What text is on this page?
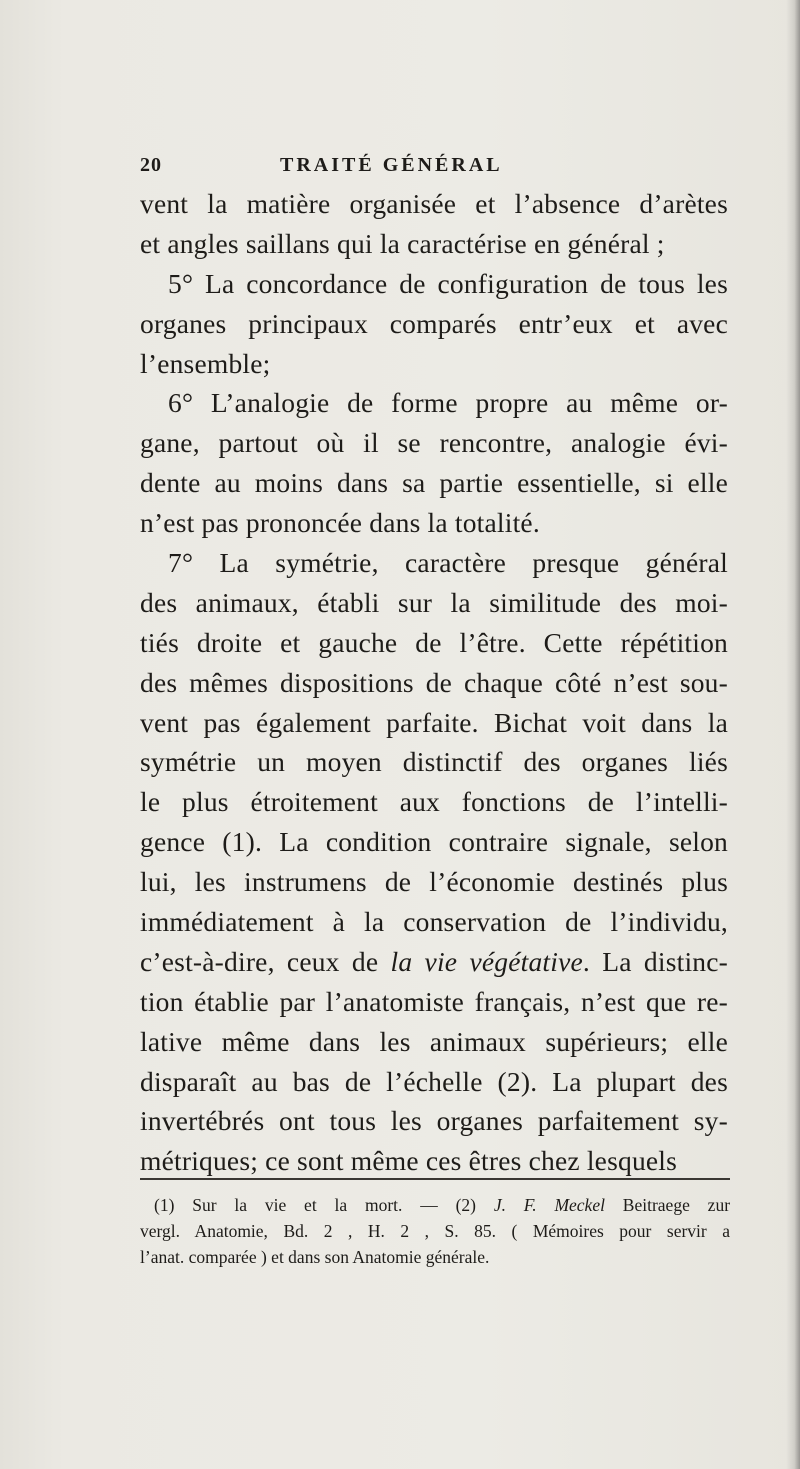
20	TRAITÉ GÉNÉRAL
vent la matière organisée et l’absence d’arètes
et angles saillans qui la caractérise en général ;
5° La concordance de configuration de tous les
organes principaux comparés entr’eux et avec
l’ensemble;
6° L’analogie de forme propre au même or-
gane, partout où il se rencontre, analogie évi-
dente au moins dans sa partie essentielle, si elle
n’est pas prononcée dans la totalité.
7° La symétrie, caractère presque général
des animaux, établi sur la similitude des moi-
tiés droite et gauche de l’être. Cette répétition
des mêmes dispositions de chaque côté n’est sou-
vent pas également parfaite. Bichat voit dans la
symétrie un moyen distinctif des organes liés
le plus étroitement aux fonctions de l’intelli-
gence (1). La condition contraire signale, selon
lui, les instrumens de l’économie destinés plus
immédiatement à la conservation de l’individu,
c’est-à-dire, ceux de la vie végétative. La distinc-
tion établie par l’anatomiste français, n’est que re-
lative même dans les animaux supérieurs; elle
disparaît au bas de l’échelle (2). La plupart des
invertébrés ont tous les organes parfaitement sy-
métriques; ce sont même ces êtres chez lesquels
(1) Sur la vie et la mort. — (2) J. F. Meckel Beitraege zur
vergl. Anatomie, Bd. 2 , H. 2 , S. 85. ( Mémoires pour servir a
l’anat. comparée ) et dans son Anatomie générale.
